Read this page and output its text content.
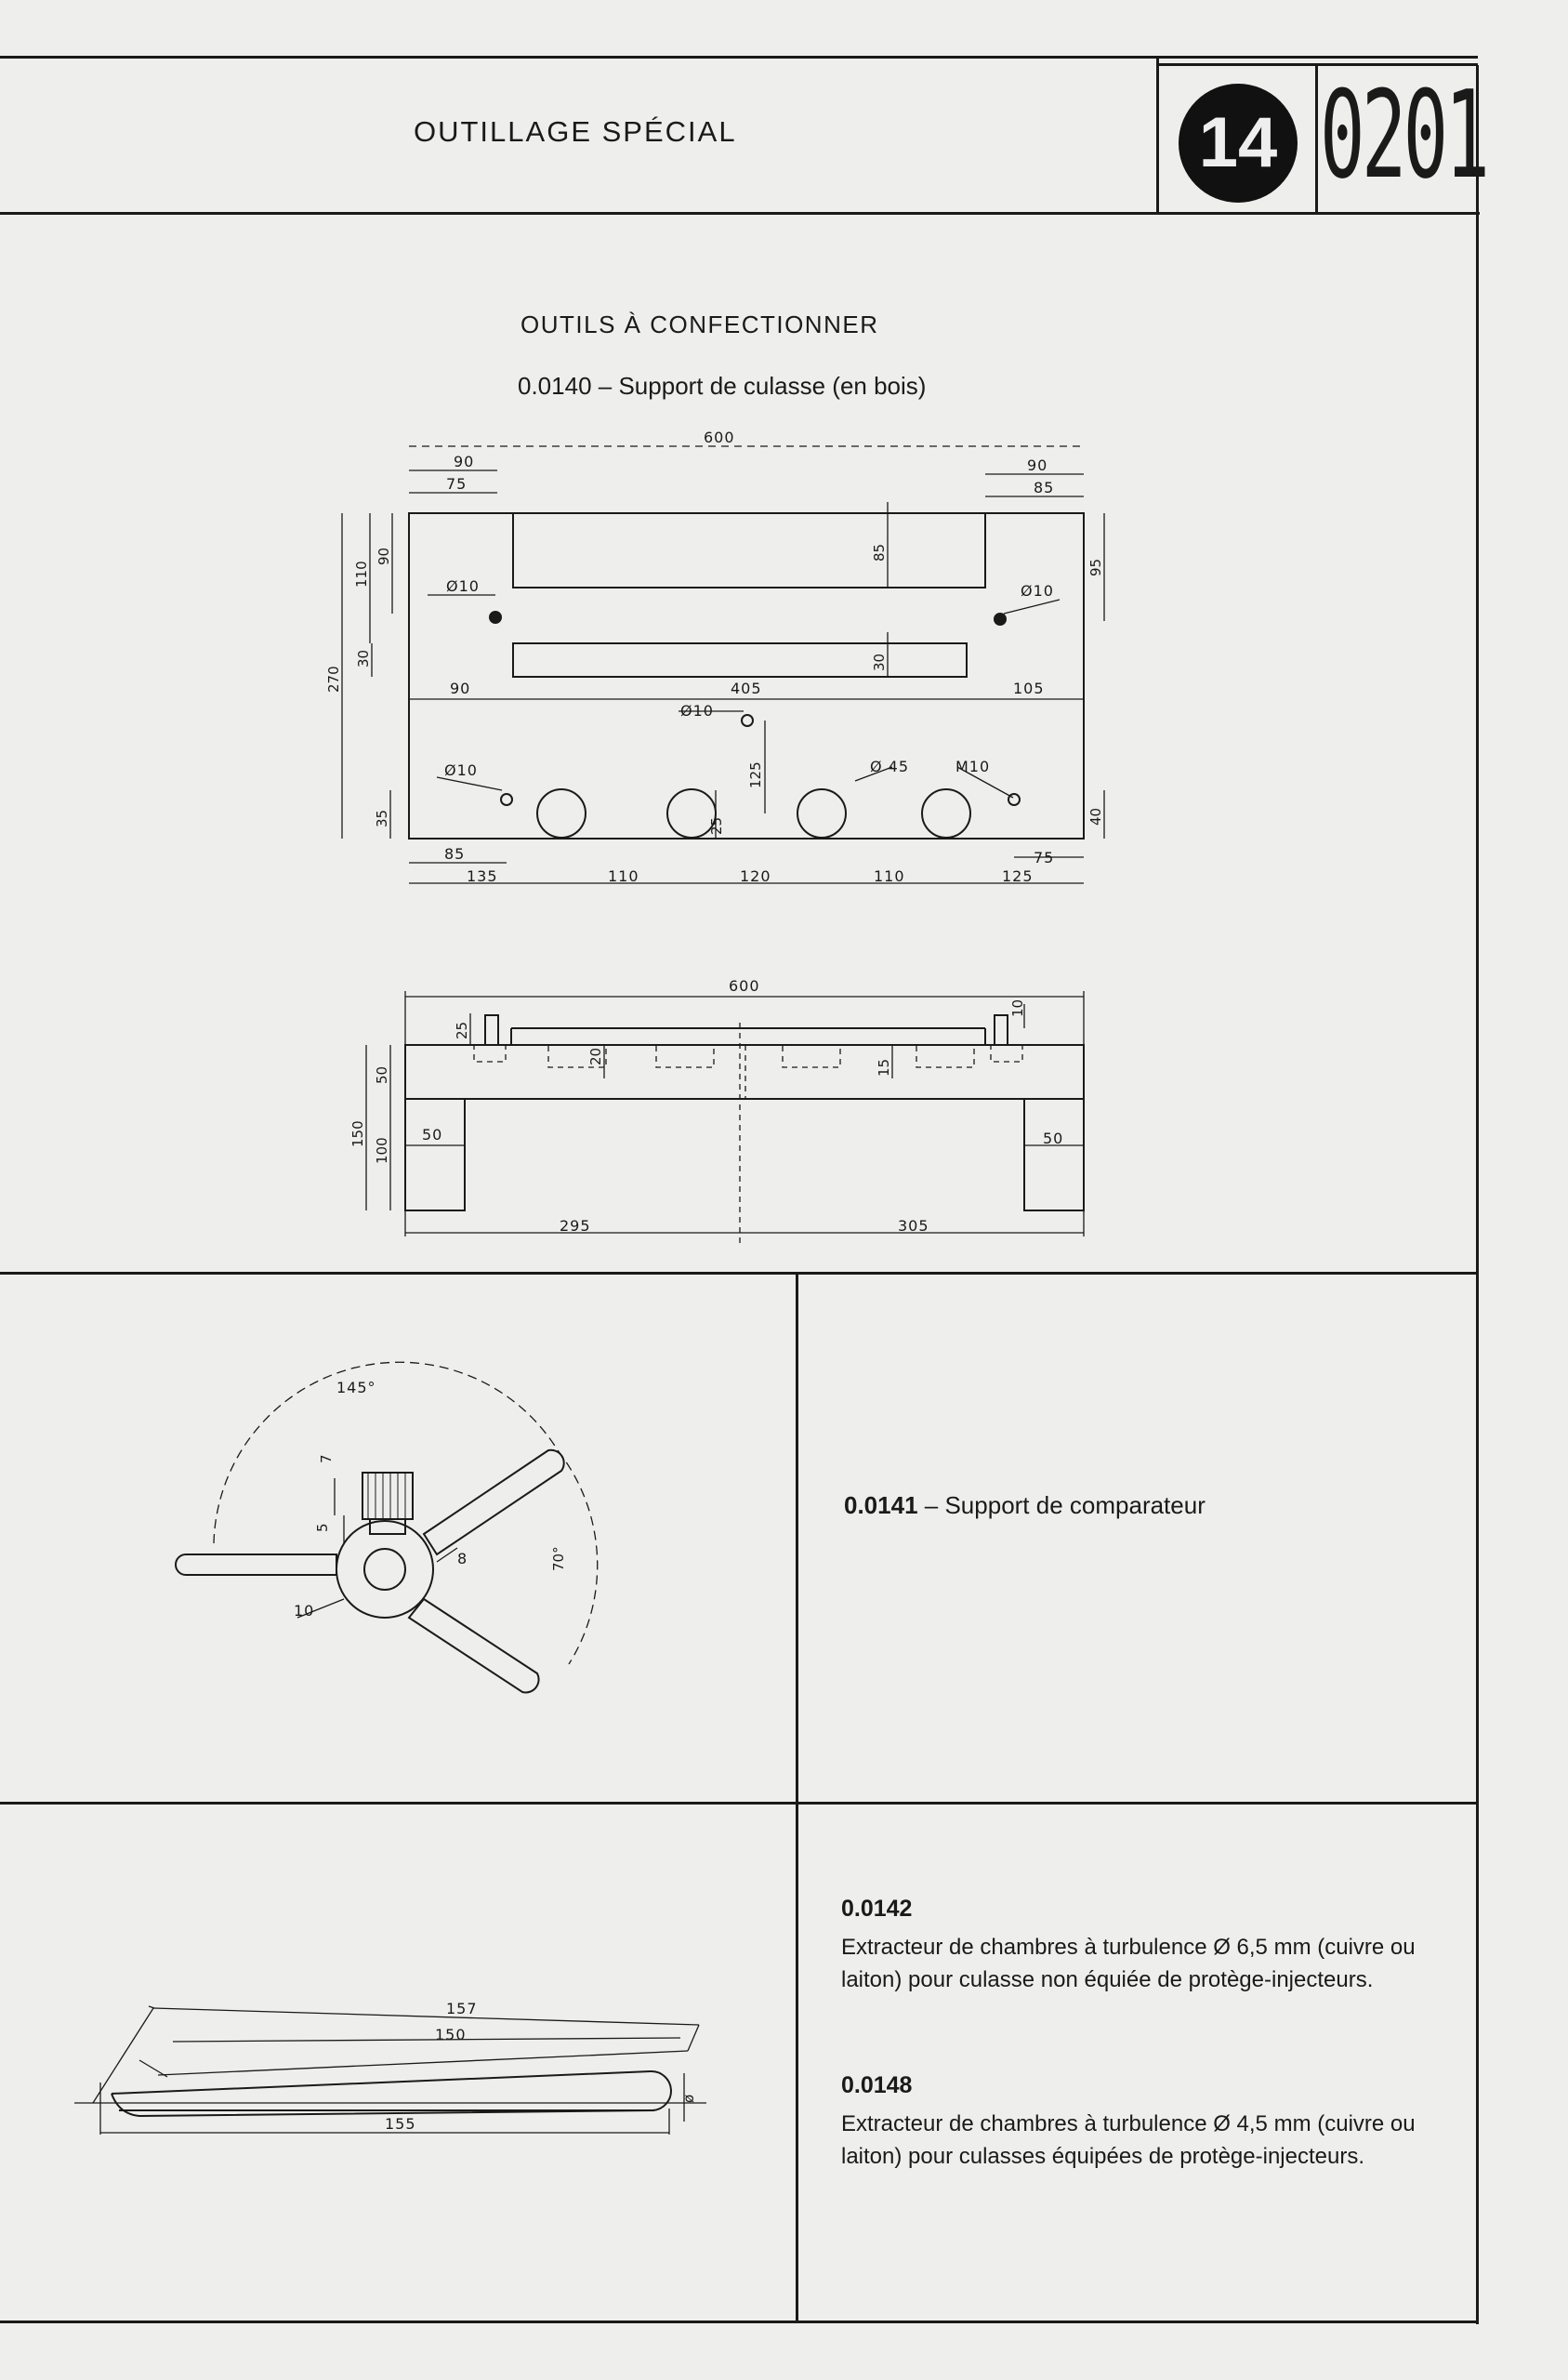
OUTILLAGE SPÉCIAL	14 0201
OUTILS À CONFECTIONNER
0.0140 – Support de culasse (en bois)
600
90
75
90
85
270
110
90
Ø10	Ø10
85
95
30	30
90	405	105
Ø10
Ø10	125	Ø 45	M10
35	25
40
85	75
135	110	120	110	125
600
25
10
20
15
50
150
100
50	50
295	305
145°
7
5
8
10
70°
157
150
155
ø
0.0141 – Support de comparateur
0.0142
Extracteur de chambres à turbulence Ø 6,5 mm (cuivre ou laiton) pour culasse non équiée de protège-injecteurs.
0.0148
Extracteur de chambres à turbulence Ø 4,5 mm (cuivre ou laiton) pour culasses équipées de protège-injecteurs.
